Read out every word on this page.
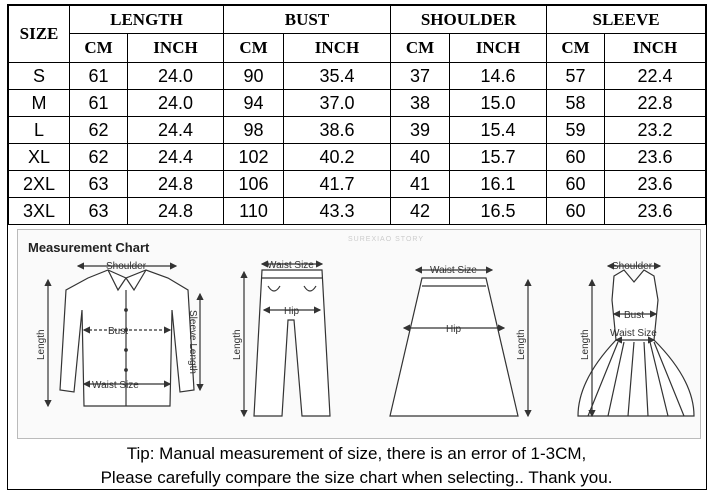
SIZE	LENGTH		BUST		SHOULDER		SLEEVE	
	CM	INCH	CM	INCH	CM	INCH	CM	INCH
S	61	24.0	90	35.4	37	14.6	57	22.4
M	61	24.0	94	37.0	38	15.0	58	22.8
L	62	24.4	98	38.6	39	15.4	59	23.2
XL	62	24.4	102	40.2	40	15.7	60	23.6
2XL	63	24.8	106	41.7	41	16.1	60	23.6
3XL	63	24.8	110	43.3	42	16.5	60	23.6
Measurement Chart
SUREXIAO STORY
Shoulder
Bust
Waist Size
Length	Sleeve Length
Waist Size
Hip
Length
Waist Size
Hip	Length
Shoulder
Bust
Waist Size
Length
Tip: Manual measurement of size, there is an error of 1-3CM,
Please carefully compare the size chart when selecting.. Thank you.
